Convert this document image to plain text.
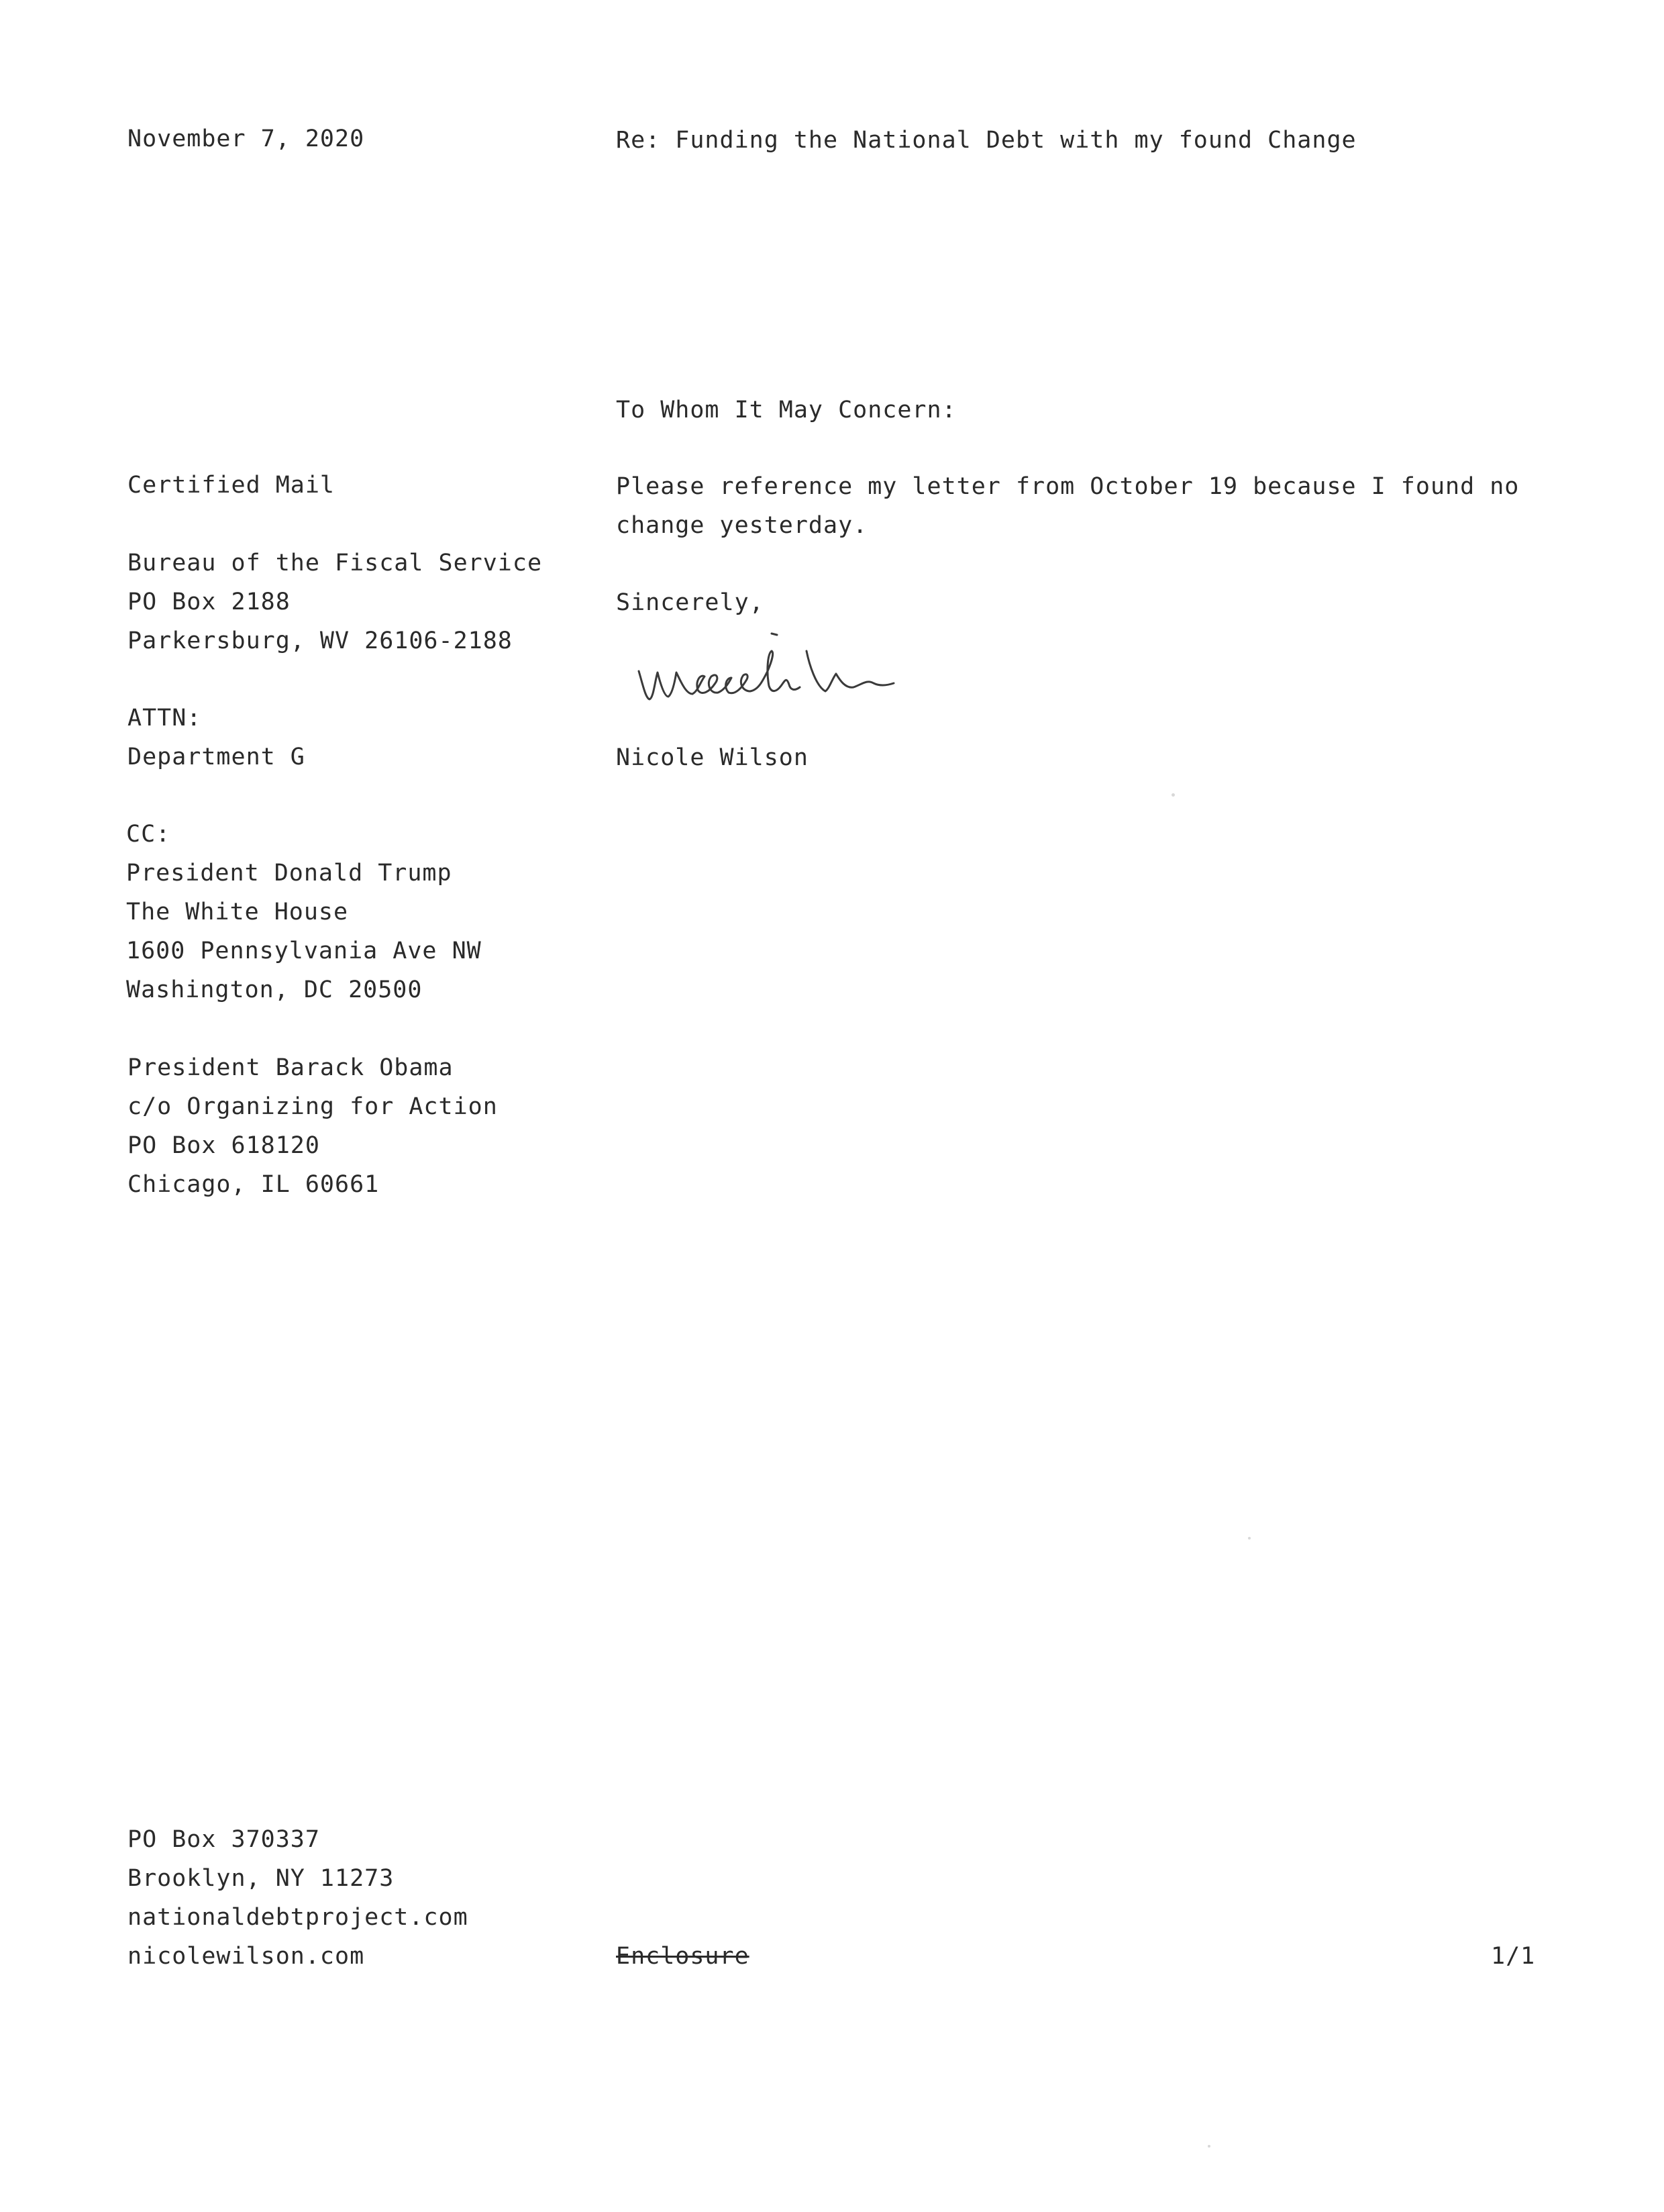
November 7, 2020	Re: Funding the National Debt with my found Change
Certified Mail
Bureau of the Fiscal Service
PO Box 2188
Parkersburg, WV 26106-2188
ATTN:
Department G
CC:
President Donald Trump
The White House
1600 Pennsylvania Ave NW
Washington, DC 20500
President Barack Obama
c/o Organizing for Action
PO Box 618120
Chicago, IL 60661
To Whom It May Concern:
Please reference my letter from October 19 because I found no change yesterday.
Sincerely,
Nicole Wilson
PO Box 370337
Brooklyn, NY 11273
nationaldebtproject.com
nicolewilson.com	Enclosure	1/1
